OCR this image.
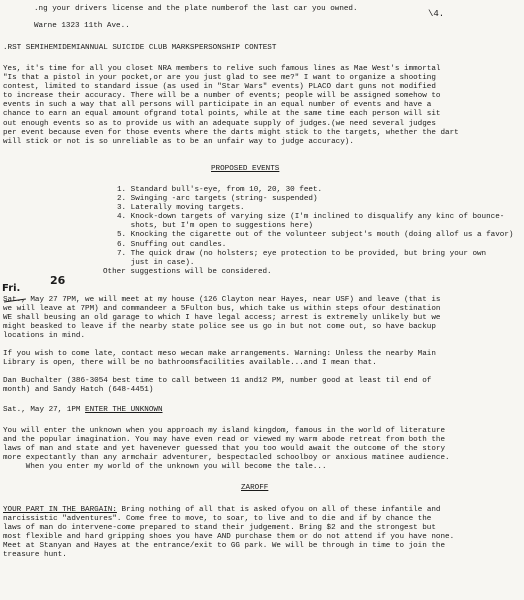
.ng your drivers license and the plate numberof the last car you owned.	\4.
Warne 1323 11th Ave..
.RST SEMIHEMIDEMIANNUAL SUICIDE CLUB MARKSPERSONSHIP CONTEST
Yes, it's time for all you closet NRA members to relive such famous lines as Mae West's immortal
"Is that a pistol in your pocket,or are you just glad to see me?" I want to organize a shooting
contest, limited to standard issue (as used in "Star Wars" events) PLACO dart guns not modified
to increase their accuracy. There will be a number of events; people will be assigned somehow to
events in such a way that all persons will participate in an equal number of events and have a
chance to earn an equal amount ofgrand total points, while at the same time each person will sit
out enough events so as to provide us with an adequate supply of judges.(we need several judges
per event because even for those events where the darts might stick to the targets, whether the dart
will stick or not is so unreliable as to be an unfair way to judge accuracy).
PROPOSED EVENTS
1. Standard bull's-eye, from 10, 20, 30 feet.
2. Swinging -arc targets (string- suspended)
3. Laterally moving targets.
4. Knock-down targets of varying size (I'm inclined to disqualify any kinc of bounce-
shots, but I'm open to suggestions here)
5. Knocking the cigarette out of the volunteer subject's mouth (doing allof us a favor)
6. Snuffing out candles.
7. The quick draw (no holsters; eye protection to be provided, but bring your own
just in case).
Other suggestions will be considered.
Fri.
26
Sat., May 27 7PM, we will meet at my house (126 Clayton near Hayes, near USF) and leave (that is
we will leave at 7PM) and commandeer a 5Fulton bus, which take us within steps ofour destination
WE shall beusing an old garage to which I have legal access; arrest is extremely unlikely but we
might beasked to leave if the nearby state police see us go in but not come out, so have backup
locations in mind.
If you wish to come late, contact meso wecan make arrangements. Warning: Unless the nearby Main
Library is open, there will be no bathroomsfacilities available...and I mean that.
Dan Buchalter (386-3054 best time to call between 11 and12 PM, number good at least til end of
month) and Sandy Hatch (648-4451)
Sat., May 27, 1PM ENTER THE UNKNOWN
You will enter the unknown when you approach my island kingdom, famous in the world of literature
and the popular imagination. You may have even read or viewed my warm abode retreat from both the
laws of man and state and yet havenever guessed that you too would await the outcome of the story
more expectantly than any armchair adventurer, bespectacled schoolboy or anxious matinee audience.
When you enter my world of the unknown you will become the tale...
ZAROFF
YOUR PART IN THE BARGAIN: Bring nothing of all that is asked ofyou on all of these infantile and
narcissistic "adventures". Come free to move, to soar, to live and to die and if by chance the
laws of man do intervene-come prepared to stand their judgement. Bring $2 and the strongest but
most flexible and hard gripping shoes you have AND purchase them or do not attend if you have none.
Meet at Stanyan and Hayes at the entrance/exit to GG park. We will be through in time to join the
treasure hunt.
